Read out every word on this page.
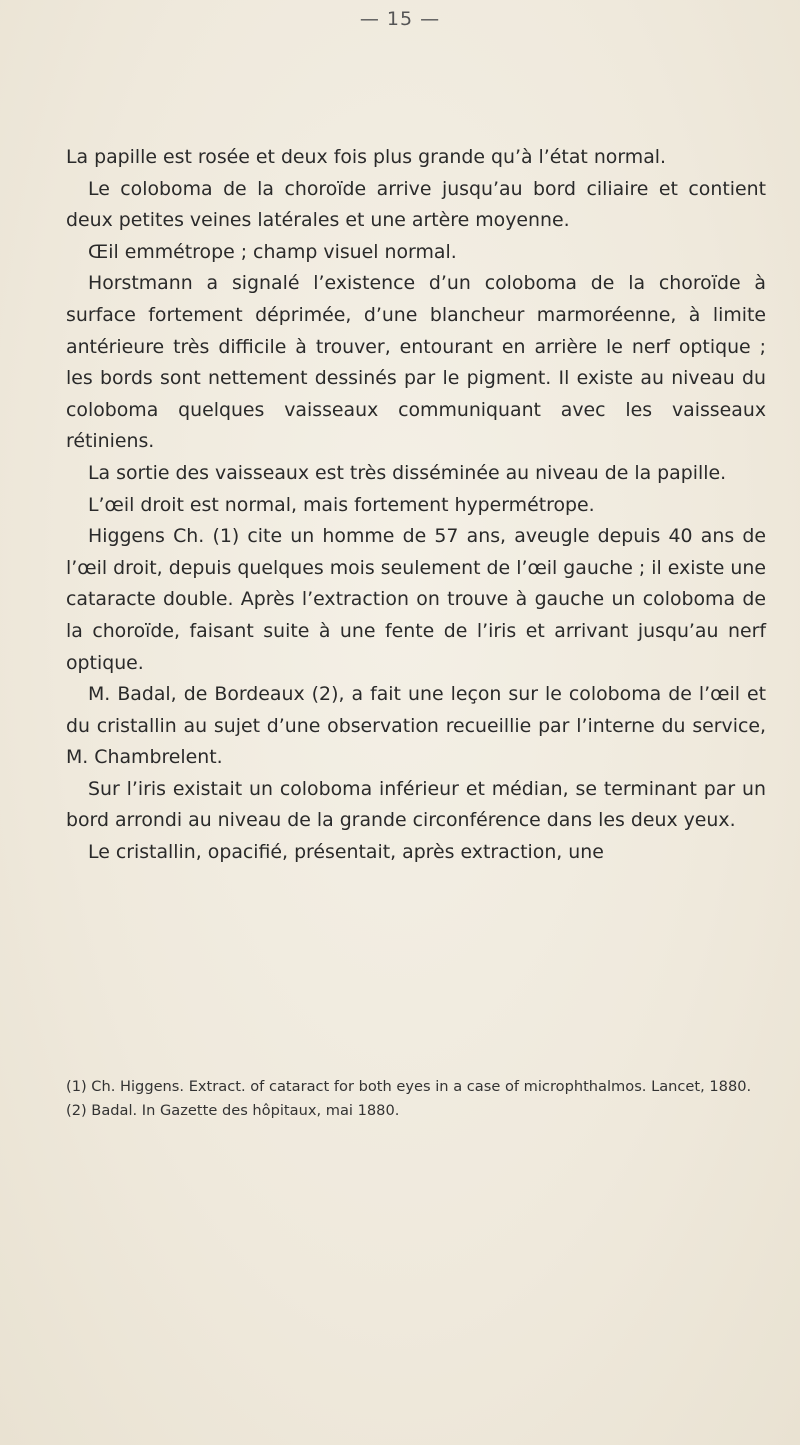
— 15 —

La papille est rosée et deux fois plus grande qu’à l’état normal.

Le coloboma de la choroïde arrive jusqu’au bord ciliaire et contient deux petites veines latérales et une artère moyenne.

Œil emmétrope ; champ visuel normal.

Horstmann a signalé l’existence d’un coloboma de la choroïde à surface fortement déprimée, d’une blancheur marmoréenne, à limite antérieure très difficile à trouver, entourant en arrière le nerf optique ; les bords sont nettement dessinés par le pigment. Il existe au niveau du coloboma quelques vaisseaux communiquant avec les vaisseaux rétiniens.

La sortie des vaisseaux est très disséminée au niveau de la papille.

L’œil droit est normal, mais fortement hypermétrope.

Higgens Ch. (1) cite un homme de 57 ans, aveugle depuis 40 ans de l’œil droit, depuis quelques mois seulement de l’œil gauche ; il existe une cataracte double. Après l’extraction on trouve à gauche un coloboma de la choroïde, faisant suite à une fente de l’iris et arrivant jusqu’au nerf optique.

M. Badal, de Bordeaux (2), a fait une leçon sur le coloboma de l’œil et du cristallin au sujet d’une observation recueillie par l’interne du service, M. Chambrelent.

Sur l’iris existait un coloboma inférieur et médian, se terminant par un bord arrondi au niveau de la grande circonférence dans les deux yeux.

Le cristallin, opacifié, présentait, après extraction, une

(1) Ch. Higgens. Extract. of cataract for both eyes in a case of microphthalmos. Lancet, 1880.

(2) Badal. In Gazette des hôpitaux, mai 1880.
